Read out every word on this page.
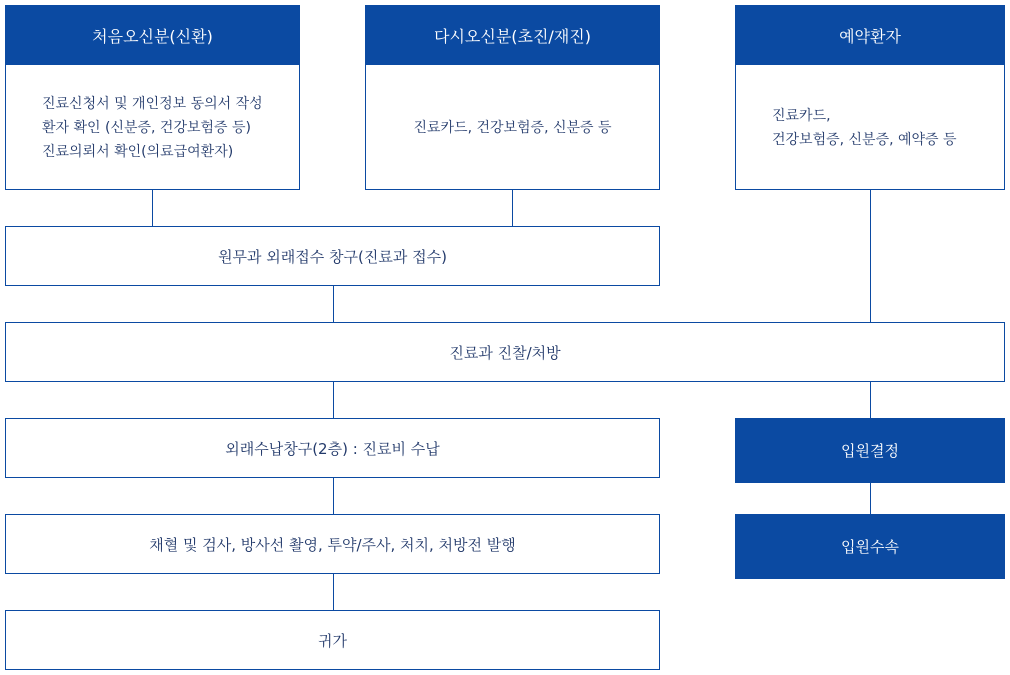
처음오신분(신환)
진료신청서 및 개인정보 동의서 작성
환자 확인 (신분증, 건강보험증 등)
진료의뢰서 확인(의료급여환자)
다시오신분(초진/재진)
진료카드, 건강보험증, 신분증 등
예약환자
진료카드,
건강보험증, 신분증, 예약증 등
원무과 외래접수 창구(진료과 접수)
진료과 진찰/처방
외래수납창구(2층) : 진료비 수납	입원결정
채혈 및 검사, 방사선 촬영, 투약/주사, 처치, 처방전 발행	입원수속
귀가
